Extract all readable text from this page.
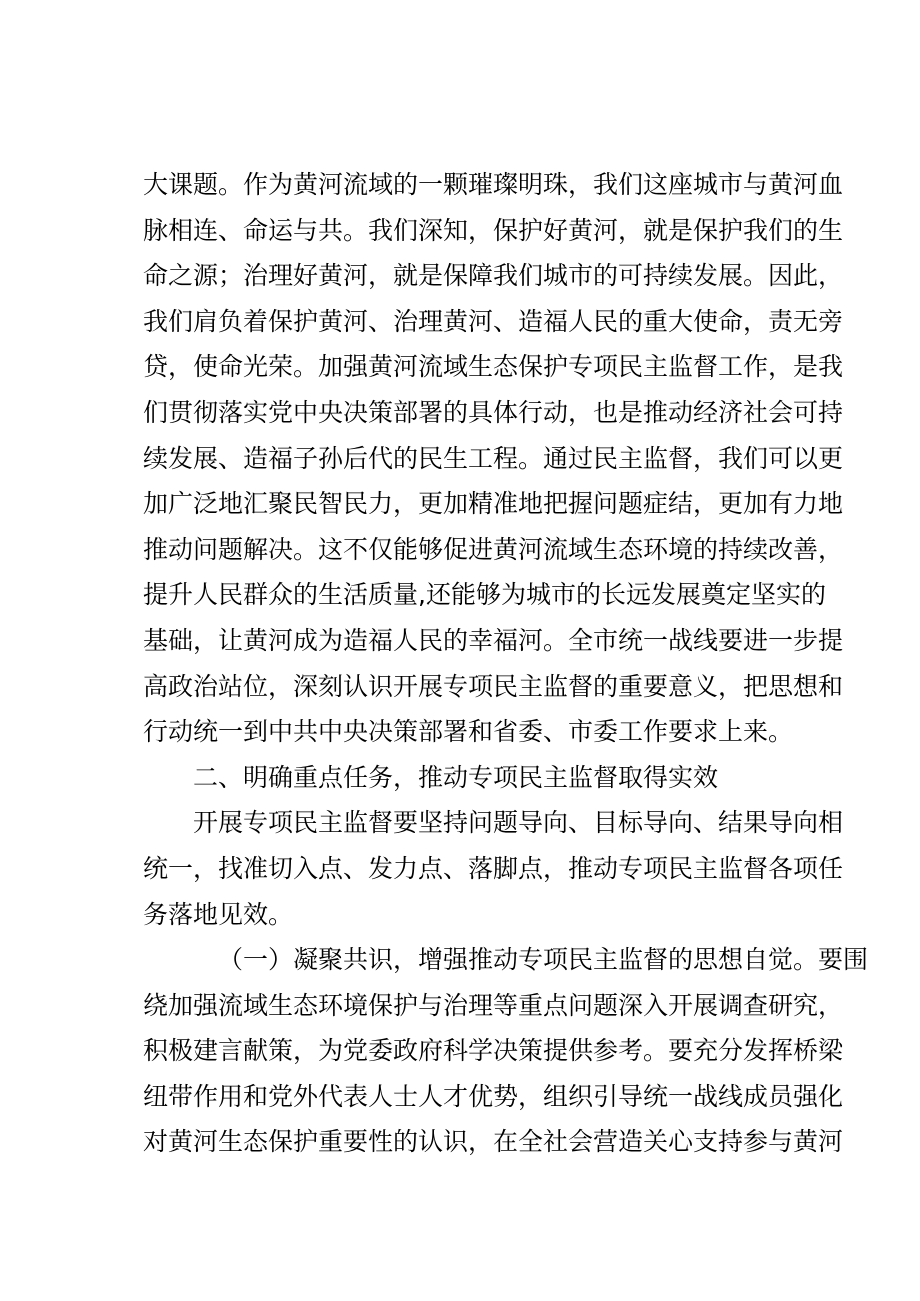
大课题。作为黄河流域的一颗璀璨明珠，我们这座城市与黄河血
脉相连、命运与共。我们深知，保护好黄河，就是保护我们的生
命之源；治理好黄河，就是保障我们城市的可持续发展。因此，
我们肩负着保护黄河、治理黄河、造福人民的重大使命，责无旁
贷，使命光荣。加强黄河流域生态保护专项民主监督工作，是我
们贯彻落实党中央决策部署的具体行动，也是推动经济社会可持
续发展、造福子孙后代的民生工程。通过民主监督，我们可以更
加广泛地汇聚民智民力，更加精准地把握问题症结，更加有力地
推动问题解决。这不仅能够促进黄河流域生态环境的持续改善，
提升人民群众的生活质量,还能够为城市的长远发展奠定坚实的
基础，让黄河成为造福人民的幸福河。全市统一战线要进一步提
高政治站位，深刻认识开展专项民主监督的重要意义，把思想和
行动统一到中共中央决策部署和省委、市委工作要求上来。
二、明确重点任务，推动专项民主监督取得实效
开展专项民主监督要坚持问题导向、目标导向、结果导向相
统一，找准切入点、发力点、落脚点，推动专项民主监督各项任
务落地见效。
（一）凝聚共识，增强推动专项民主监督的思想自觉。要围
绕加强流域生态环境保护与治理等重点问题深入开展调查研究，
积极建言献策，为党委政府科学决策提供参考。要充分发挥桥梁
纽带作用和党外代表人士人才优势，组织引导统一战线成员强化
对黄河生态保护重要性的认识，在全社会营造关心支持参与黄河
